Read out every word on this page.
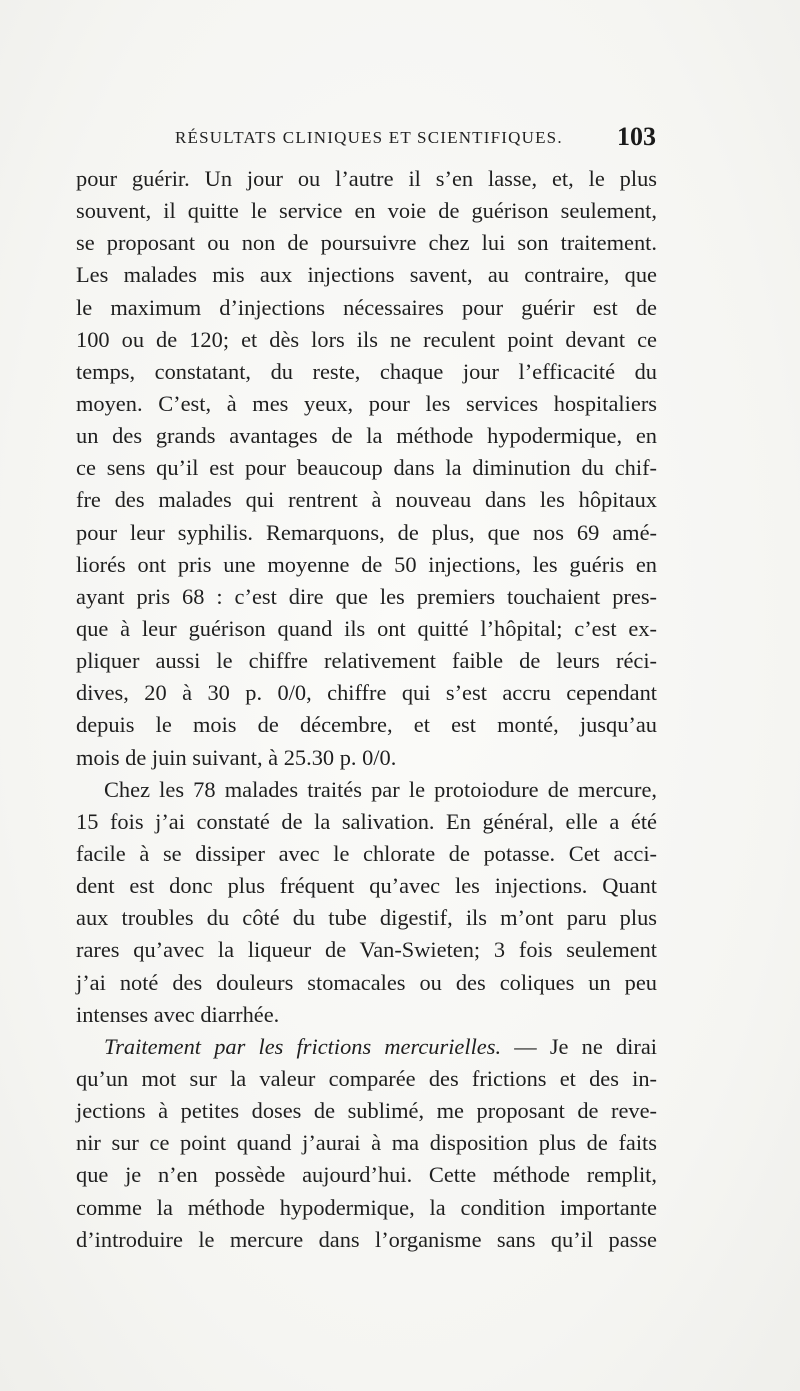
RÉSULTATS CLINIQUES ET SCIENTIFIQUES. 103
pour guérir. Un jour ou l’autre il s’en lasse, et, le plus
souvent, il quitte le service en voie de guérison seulement,
se proposant ou non de poursuivre chez lui son traitement.
Les malades mis aux injections savent, au contraire, que
le maximum d’injections nécessaires pour guérir est de
100 ou de 120; et dès lors ils ne reculent point devant ce
temps, constatant, du reste, chaque jour l’efficacité du
moyen. C’est, à mes yeux, pour les services hospitaliers
un des grands avantages de la méthode hypodermique, en
ce sens qu’il est pour beaucoup dans la diminution du chif-
fre des malades qui rentrent à nouveau dans les hôpitaux
pour leur syphilis. Remarquons, de plus, que nos 69 amé-
liorés ont pris une moyenne de 50 injections, les guéris en
ayant pris 68 : c’est dire que les premiers touchaient pres-
que à leur guérison quand ils ont quitté l’hôpital; c’est ex-
pliquer aussi le chiffre relativement faible de leurs réci-
dives, 20 à 30 p. 0/0, chiffre qui s’est accru cependant
depuis le mois de décembre, et est monté, jusqu’au
mois de juin suivant, à 25.30 p. 0/0.
Chez les 78 malades traités par le protoiodure de mercure,
15 fois j’ai constaté de la salivation. En général, elle a été
facile à se dissiper avec le chlorate de potasse. Cet acci-
dent est donc plus fréquent qu’avec les injections. Quant
aux troubles du côté du tube digestif, ils m’ont paru plus
rares qu’avec la liqueur de Van-Swieten; 3 fois seulement
j’ai noté des douleurs stomacales ou des coliques un peu
intenses avec diarrhée.
Traitement par les frictions mercurielles. — Je ne dirai
qu’un mot sur la valeur comparée des frictions et des in-
jections à petites doses de sublimé, me proposant de reve-
nir sur ce point quand j’aurai à ma disposition plus de faits
que je n’en possède aujourd’hui. Cette méthode remplit,
comme la méthode hypodermique, la condition importante
d’introduire le mercure dans l’organisme sans qu’il passe
